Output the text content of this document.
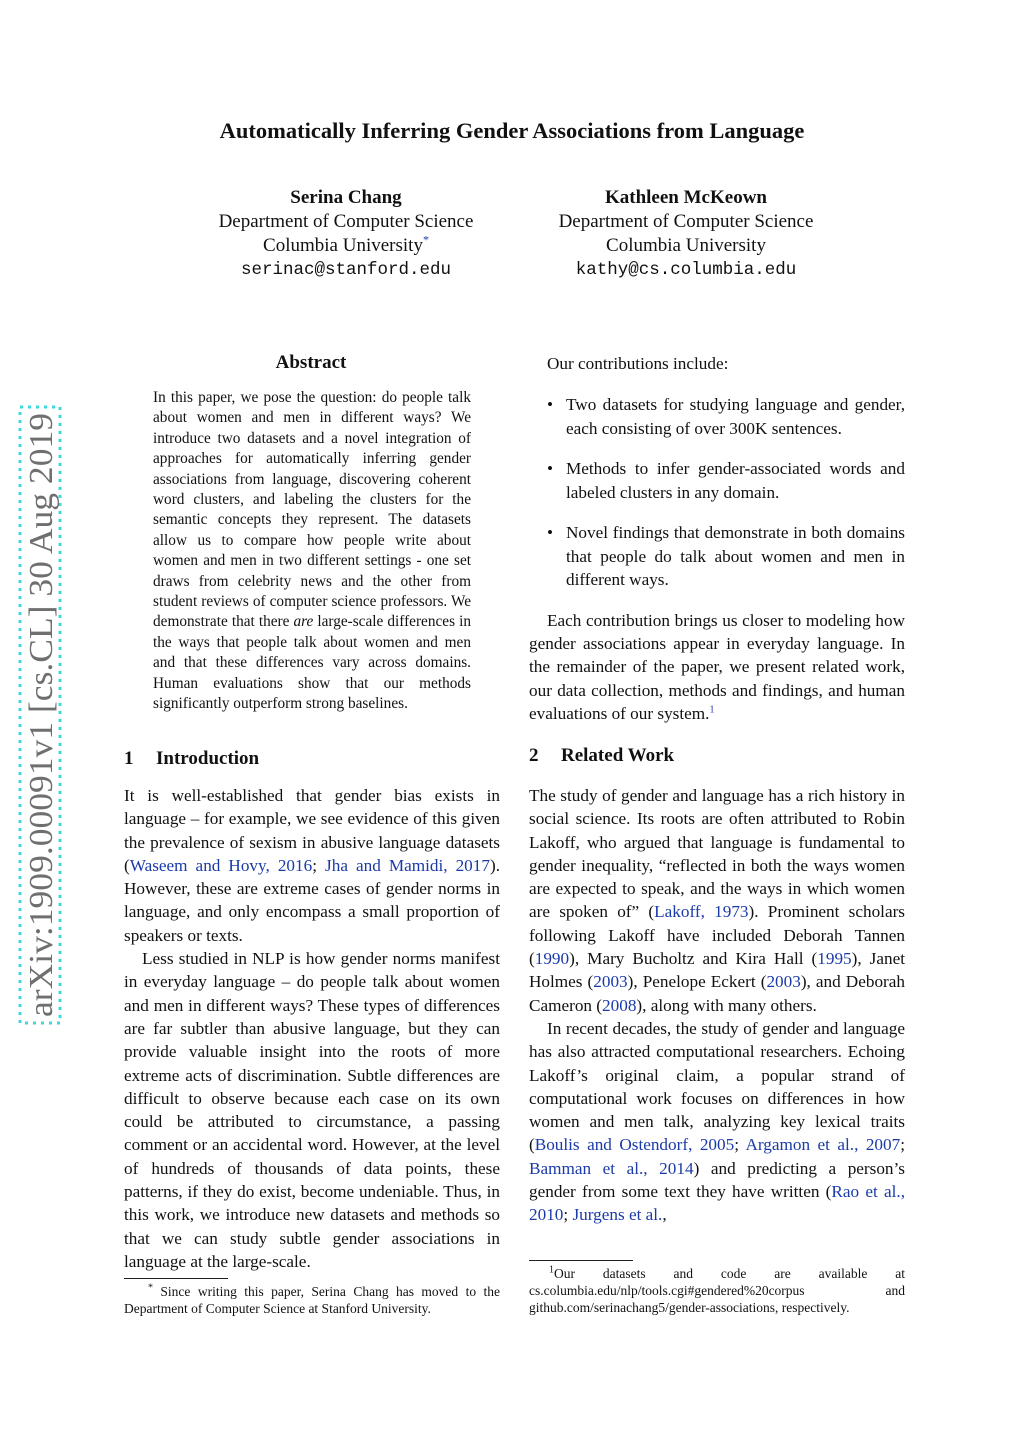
arXiv:1909.00091v1 [cs.CL] 30 Aug 2019
Automatically Inferring Gender Associations from Language
Serina Chang
Department of Computer Science
Columbia University*
serinac@stanford.edu
Kathleen McKeown
Department of Computer Science
Columbia University
kathy@cs.columbia.edu
Abstract
In this paper, we pose the question: do people talk about women and men in different ways? We introduce two datasets and a novel integration of approaches for automatically inferring gender associations from language, discovering coherent word clusters, and labeling the clusters for the semantic concepts they represent. The datasets allow us to compare how people write about women and men in two different settings - one set draws from celebrity news and the other from student reviews of computer science professors. We demonstrate that there are large-scale differences in the ways that people talk about women and men and that these differences vary across domains. Human evaluations show that our methods significantly outperform strong baselines.
1 Introduction

It is well-established that gender bias exists in language – for example, we see evidence of this given the prevalence of sexism in abusive language datasets (Waseem and Hovy, 2016; Jha and Mamidi, 2017). However, these are extreme cases of gender norms in language, and only encompass a small proportion of speakers or texts.

Less studied in NLP is how gender norms manifest in everyday language – do people talk about women and men in different ways? These types of differences are far subtler than abusive language, but they can provide valuable insight into the roots of more extreme acts of discrimination. Subtle differences are difficult to observe because each case on its own could be attributed to circumstance, a passing comment or an accidental word. However, at the level of hundreds of thousands of data points, these patterns, if they do exist, become undeniable. Thus, in this work, we introduce new datasets and methods so that we can study subtle gender associations in language at the large-scale.

* Since writing this paper, Serina Chang has moved to the Department of Computer Science at Stanford University.

Our contributions include:

• Two datasets for studying language and gender, each consisting of over 300K sentences.
• Methods to infer gender-associated words and labeled clusters in any domain.
• Novel findings that demonstrate in both domains that people do talk about women and men in different ways.

Each contribution brings us closer to modeling how gender associations appear in everyday language. In the remainder of the paper, we present related work, our data collection, methods and findings, and human evaluations of our system.$^1$

2 Related Work

The study of gender and language has a rich history in social science. Its roots are often attributed to Robin Lakoff, who argued that language is fundamental to gender inequality, “reflected in both the ways women are expected to speak, and the ways in which women are spoken of” (Lakoff, 1973). Prominent scholars following Lakoff have included Deborah Tannen (1990), Mary Bucholtz and Kira Hall (1995), Janet Holmes (2003), Penelope Eckert (2003), and Deborah Cameron (2008), along with many others.

In recent decades, the study of gender and language has also attracted computational researchers. Echoing Lakoff’s original claim, a popular strand of computational work focuses on differences in how women and men talk, analyzing key lexical traits (Boulis and Ostendorf, 2005; Argamon et al., 2007; Bamman et al., 2014) and predicting a person’s gender from some text they have written (Rao et al., 2010; Jurgens et al.,

$^1$Our datasets and code are available at cs.columbia.edu/nlp/tools.cgi#gendered%20corpus and github.com/serinachang5/gender-associations, respectively.
